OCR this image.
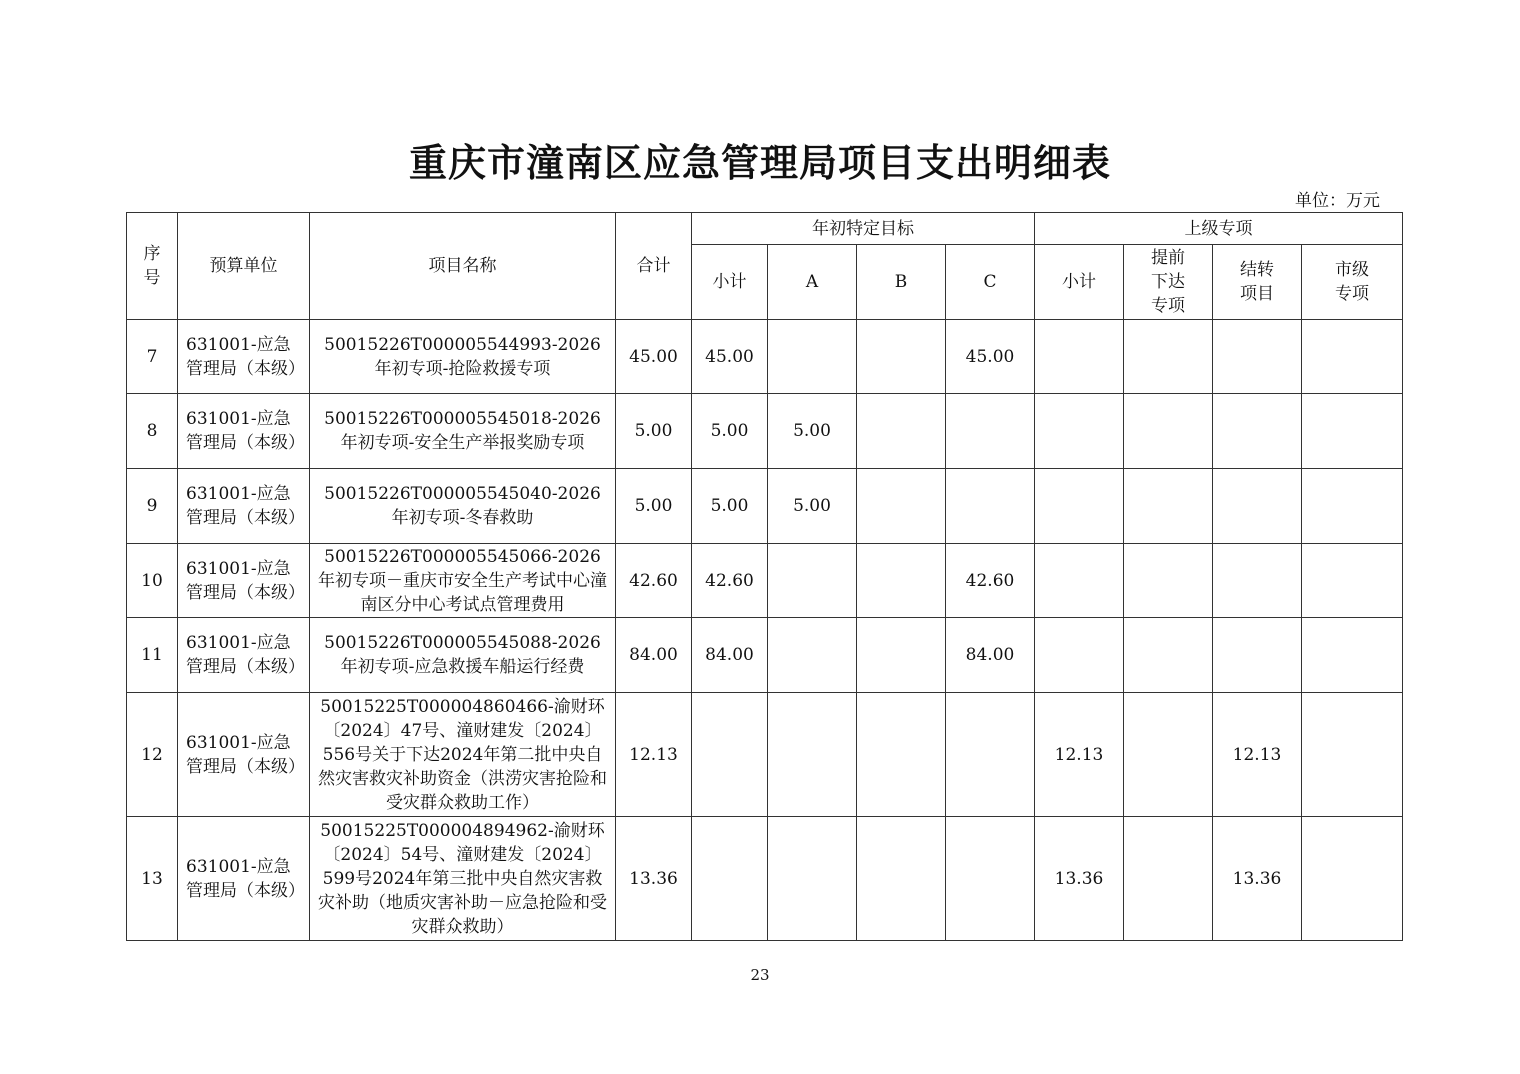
重庆市潼南区应急管理局项目支出明细表
单位：万元
序号	预算单位	项目名称	合计	年初特定目标				上级专项			
				小计	A	B	C	小计	提前下达专项	结转项目	市级专项
7	631001-应急管理局（本级）	50015226T000005544993-2026年初专项-抢险救援专项	45.00	45.00			45.00				
8	631001-应急管理局（本级）	50015226T000005545018-2026年初专项-安全生产举报奖励专项	5.00	5.00	5.00						
9	631001-应急管理局（本级）	50015226T000005545040-2026年初专项-冬春救助	5.00	5.00	5.00						
10	631001-应急管理局（本级）	50015226T000005545066-2026年初专项－重庆市安全生产考试中心潼南区分中心考试点管理费用	42.60	42.60			42.60				
11	631001-应急管理局（本级）	50015226T000005545088-2026年初专项-应急救援车船运行经费	84.00	84.00			84.00				
12	631001-应急管理局（本级）	50015225T000004860466-渝财环〔2024〕47号、潼财建发〔2024〕556号关于下达2024年第二批中央自然灾害救灾补助资金（洪涝灾害抢险和受灾群众救助工作）	12.13					12.13		12.13	
13	631001-应急管理局（本级）	50015225T000004894962-渝财环〔2024〕54号、潼财建发〔2024〕599号2024年第三批中央自然灾害救灾补助（地质灾害补助－应急抢险和受灾群众救助）	13.36					13.36		13.36	
23
